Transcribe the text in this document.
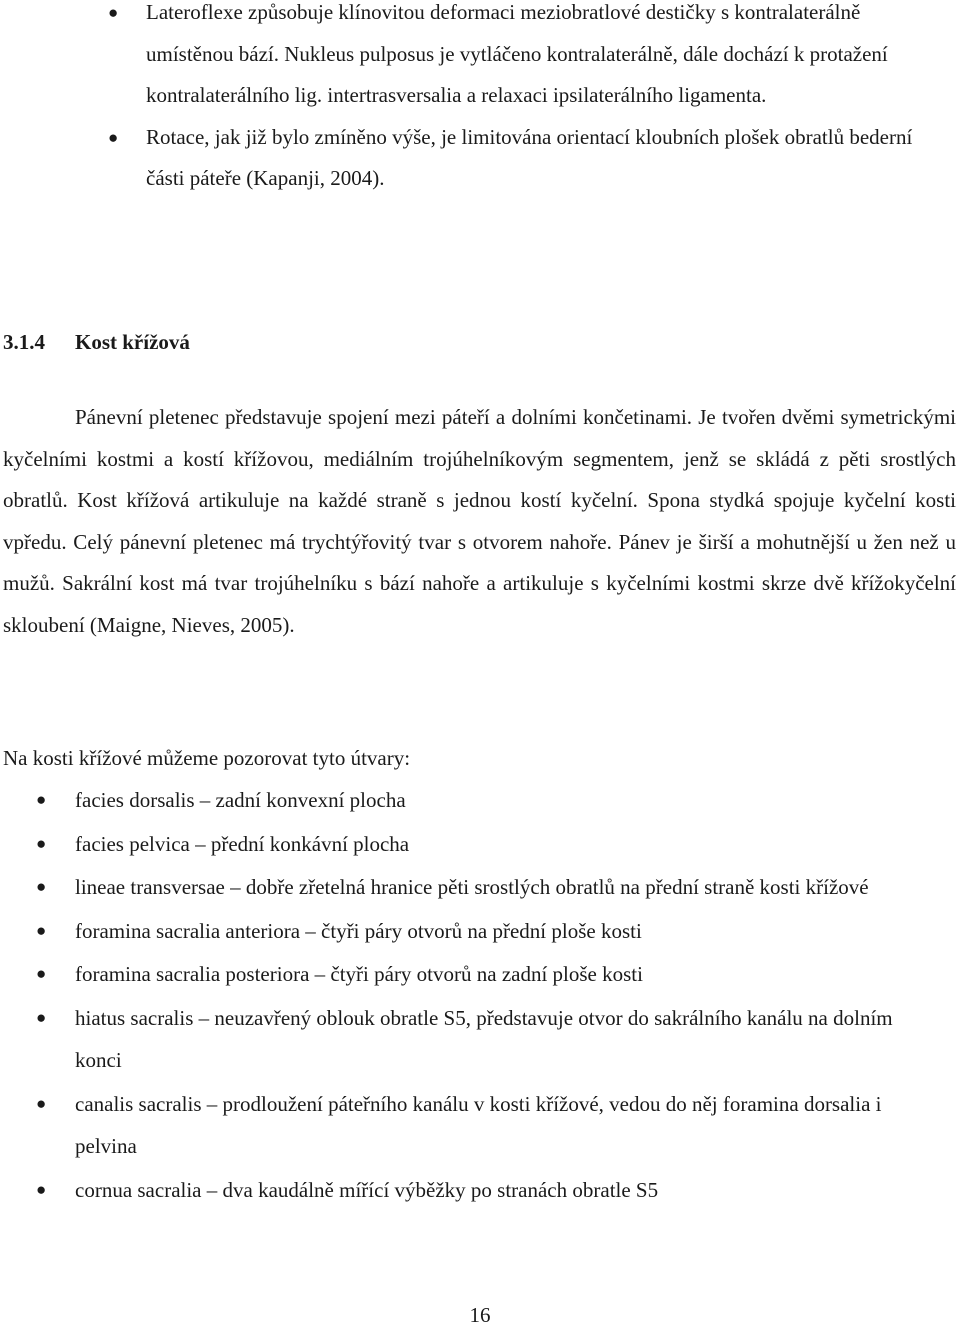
● Lateroflexe způsobuje klínovitou deformaci meziobratlové destičky s kontralaterálně umístěnou bází. Nukleus pulposus je vytláčeno kontralaterálně, dále dochází k protažení kontralaterálního lig. intertrasversalia a relaxaci ipsilaterálního ligamenta.
● Rotace, jak již bylo zmíněno výše, je limitována orientací kloubních plošek obratlů bederní části páteře (Kapanji, 2004).
3.1.4 Kost křížová

Pánevní pletenec představuje spojení mezi páteří a dolními končetinami. Je tvořen dvěmi symetrickými kyčelními kostmi a kostí křížovou, mediálním trojúhelníkovým segmentem, jenž se skládá z pěti srostlých obratlů. Kost křížová artikuluje na každé straně s jednou kostí kyčelní. Spona stydká spojuje kyčelní kosti vpředu. Celý pánevní pletenec má trychtýřovitý tvar s otvorem nahoře. Pánev je širší a mohutnější u žen než u mužů. Sakrální kost má tvar trojúhelníku s bází nahoře a artikuluje s kyčelními kostmi skrze dvě křížokyčelní skloubení (Maigne, Nieves, 2005).

Na kosti křížové můžeme pozorovat tyto útvary:

● facies dorsalis – zadní konvexní plocha
● facies pelvica – přední konkávní plocha
● lineae transversae – dobře zřetelná hranice pěti srostlých obratlů na přední straně kosti křížové
● foramina sacralia anteriora – čtyři páry otvorů na přední ploše kosti
● foramina sacralia posteriora – čtyři páry otvorů na zadní ploše kosti
● hiatus sacralis – neuzavřený oblouk obratle S5, představuje otvor do sakrálního kanálu na dolním konci
● canalis sacralis – prodloužení páteřního kanálu v kosti křížové, vedou do něj foramina dorsalia i pelvina
● cornua sacralia – dva kaudálně mířící výběžky po stranách obratle S5
16
